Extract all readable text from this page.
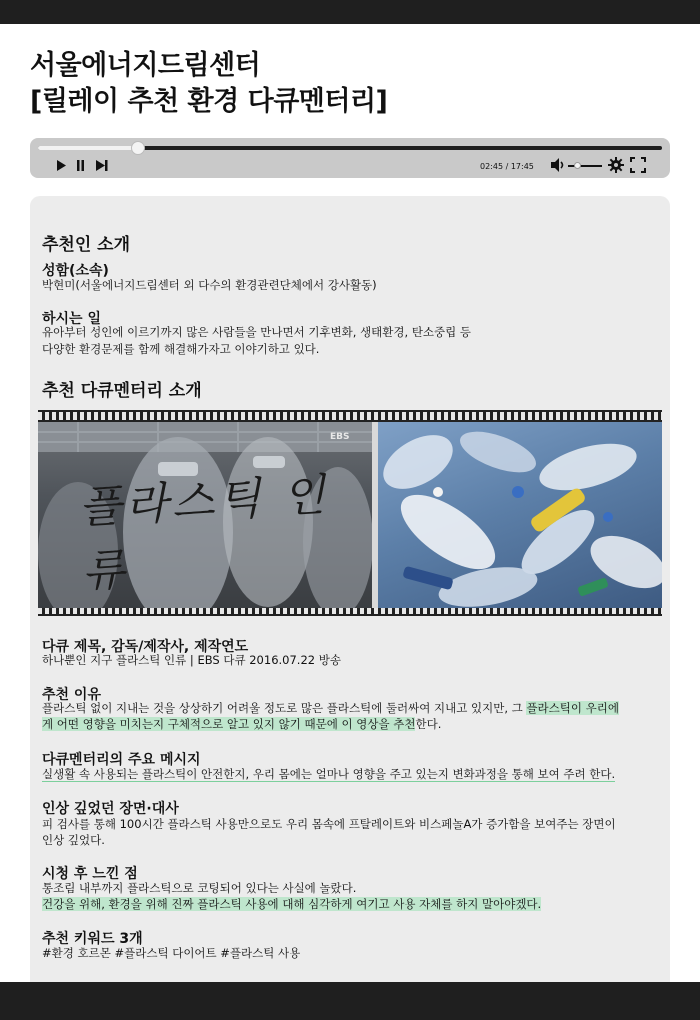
서울에너지드림센터
[릴레이 추천 환경 다큐멘터리]
02:45 / 17:45
추천인 소개
성함(소속)
박현미(서울에너지드림센터 외 다수의 환경관련단체에서 강사활동)
하시는 일
유아부터 성인에 이르기까지 많은 사람들을 만나면서 기후변화, 생태환경, 탄소중립 등
다양한 환경문제를 함께 해결해가자고 이야기하고 있다.
추천 다큐멘터리 소개
플라스틱 인류
EBS
다큐 제목, 감독/제작사, 제작연도
하나뿐인 지구 플라스틱 인류 | EBS 다큐 2016.07.22 방송
추천 이유
플라스틱 없이 지내는 것을 상상하기 어려울 정도로 많은 플라스틱에 둘러싸여 지내고 있지만, 그 플라스틱이 우리에
게 어떤 영향을 미치는지 구체적으로 알고 있지 않기 때문에 이 영상을 추천한다.
다큐멘터리의 주요 메시지
실생활 속 사용되는 플라스틱이 안전한지, 우리 몸에는 얼마나 영향을 주고 있는지 변화과정을 통해 보여 주려 한다.
인상 깊었던 장면·대사
피 검사를 통해 100시간 플라스틱 사용만으로도 우리 몸속에 프탈레이트와 비스페놀A가 증가함을 보여주는 장면이
인상 깊었다.
시청 후 느낀 점
통조림 내부까지 플라스틱으로 코팅되어 있다는 사실에 놀랐다.
건강을 위해, 환경을 위해 진짜 플라스틱 사용에 대해 심각하게 여기고 사용 자체를 하지 말아야겠다.
추천 키워드 3개
#환경 호르몬 #플라스틱 다이어트 #플라스틱 사용
